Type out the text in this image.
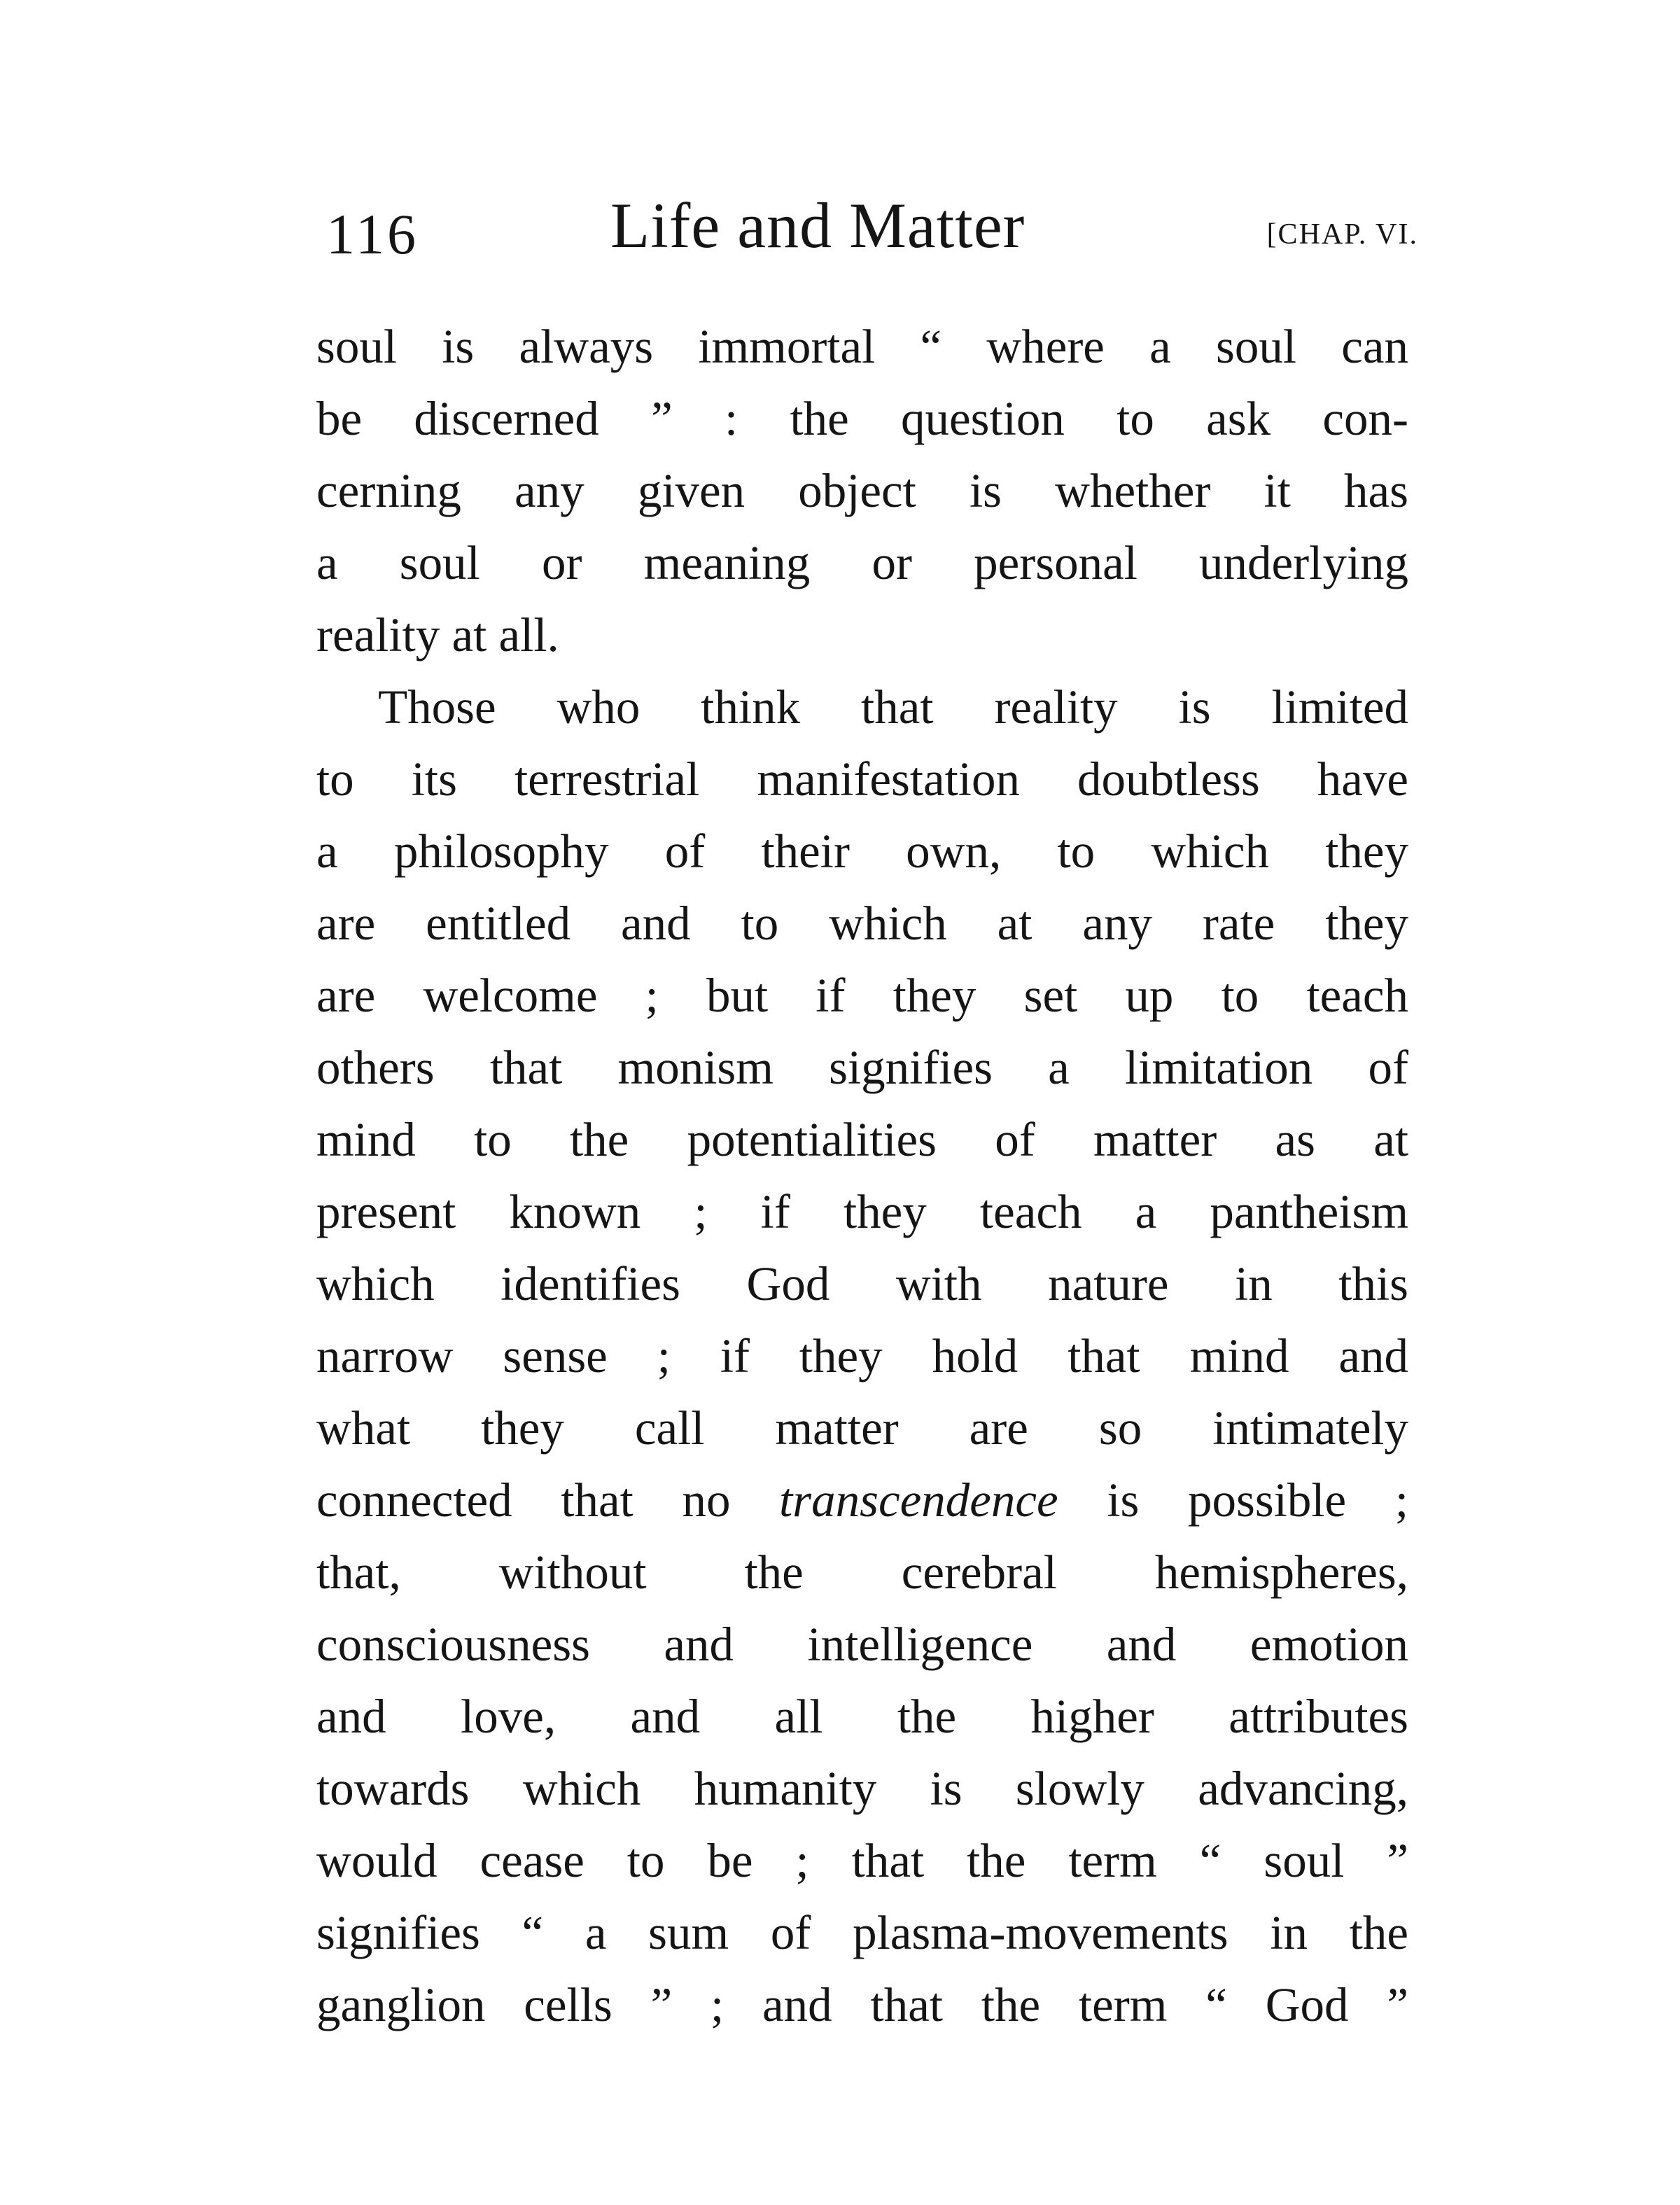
116	Life and Matter	[CHAP. VI.
soul is always immortal “ where a soul can
be discerned ” : the question to ask con-
cerning any given object is whether it has
a soul or meaning or personal underlying
reality at all.
Those who think that reality is limited
to its terrestrial manifestation doubtless have
a philosophy of their own, to which they
are entitled and to which at any rate they
are welcome ; but if they set up to teach
others that monism signifies a limitation of
mind to the potentialities of matter as at
present known ; if they teach a pantheism
which identifies God with nature in this
narrow sense ; if they hold that mind and
what they call matter are so intimately
connected that no transcendence is possible ;
that, without the cerebral hemispheres,
consciousness and intelligence and emotion
and love, and all the higher attributes
towards which humanity is slowly advancing,
would cease to be ; that the term “ soul ”
signifies “ a sum of plasma-movements in the
ganglion cells ” ; and that the term “ God ”
